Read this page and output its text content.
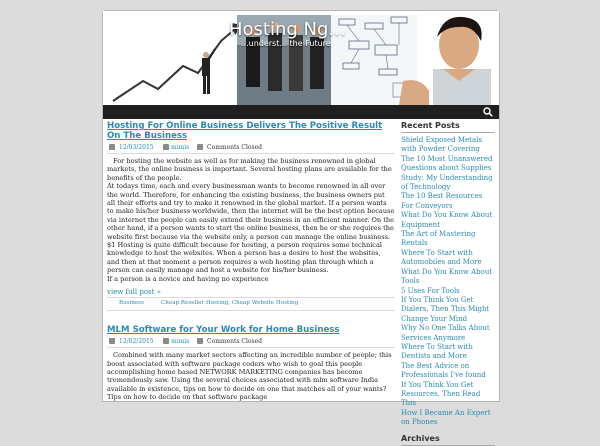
Hosting Ng...
...underst... the Future
Hosting For Online Business Delivers The Positive Result On The Business
12/03/2015	mimis	Comments Closed

For hosting the website as well as for making the business renowned in global markets, the online business is important. Several hosting plans are available for the benefits of the people.

At todays time, each and every businessman wants to become renowned in all over the world. Therefore, for enhancing the existing business, the business owners put all their efforts and try to make it renowned in the global market. If a person wants to make his/her business worldwide, then the internet will be the best option because via internet the people can easily extend their business in an efficient manner. On the other hand, if a person wants to start the online business, then he or she requires the website first because via the website only, a person can manage the online business. $1 Hosting is quite difficult because for hosting, a person requires some technical knowledge to host the websites. When a person has a desire to host the websites, and then at that moment a person requires a web hosting plan through which a person can easily manage and host a website for his/her business.

If a person is a novice and having no experience

view full post »
Business	Cheap Reseller Hosting, Cheap Website Hosting
MLM Software for Your Work for Home Business
12/02/2015	mimis	Comments Closed

Combined with many market sectors affecting an incredible number of people; this boost associated with software package coders who wish to goal this people accomplishing home based NETWORK MARKETING companies has become tremendously saw. Using the several choices associated with mlm software India available in existence, tips on how to decide on one that matches all of your wants? Tips on how to decide on that software package

Recent Posts
Shield Exposed Metals with Powder Covering
The 10 Most Unanswered Questions about Supplies
Study: My Understanding of Technology
The 10 Best Resources For Conveyors
What Do You Know About Equipment
The Art of Mastering Rentals
Where To Start with Automobiles and More
What Do You Know About Tools
5 Uses For Tools
If You Think You Get Dialers, Then This Might Change Your Mind
Why No One Talks About Services Anymore
Where To Start with Dentists and More
The Best Advice on Professionals I've found
If You Think You Get Resources, Then Read This
How I Became An Expert on Phones
Archives
